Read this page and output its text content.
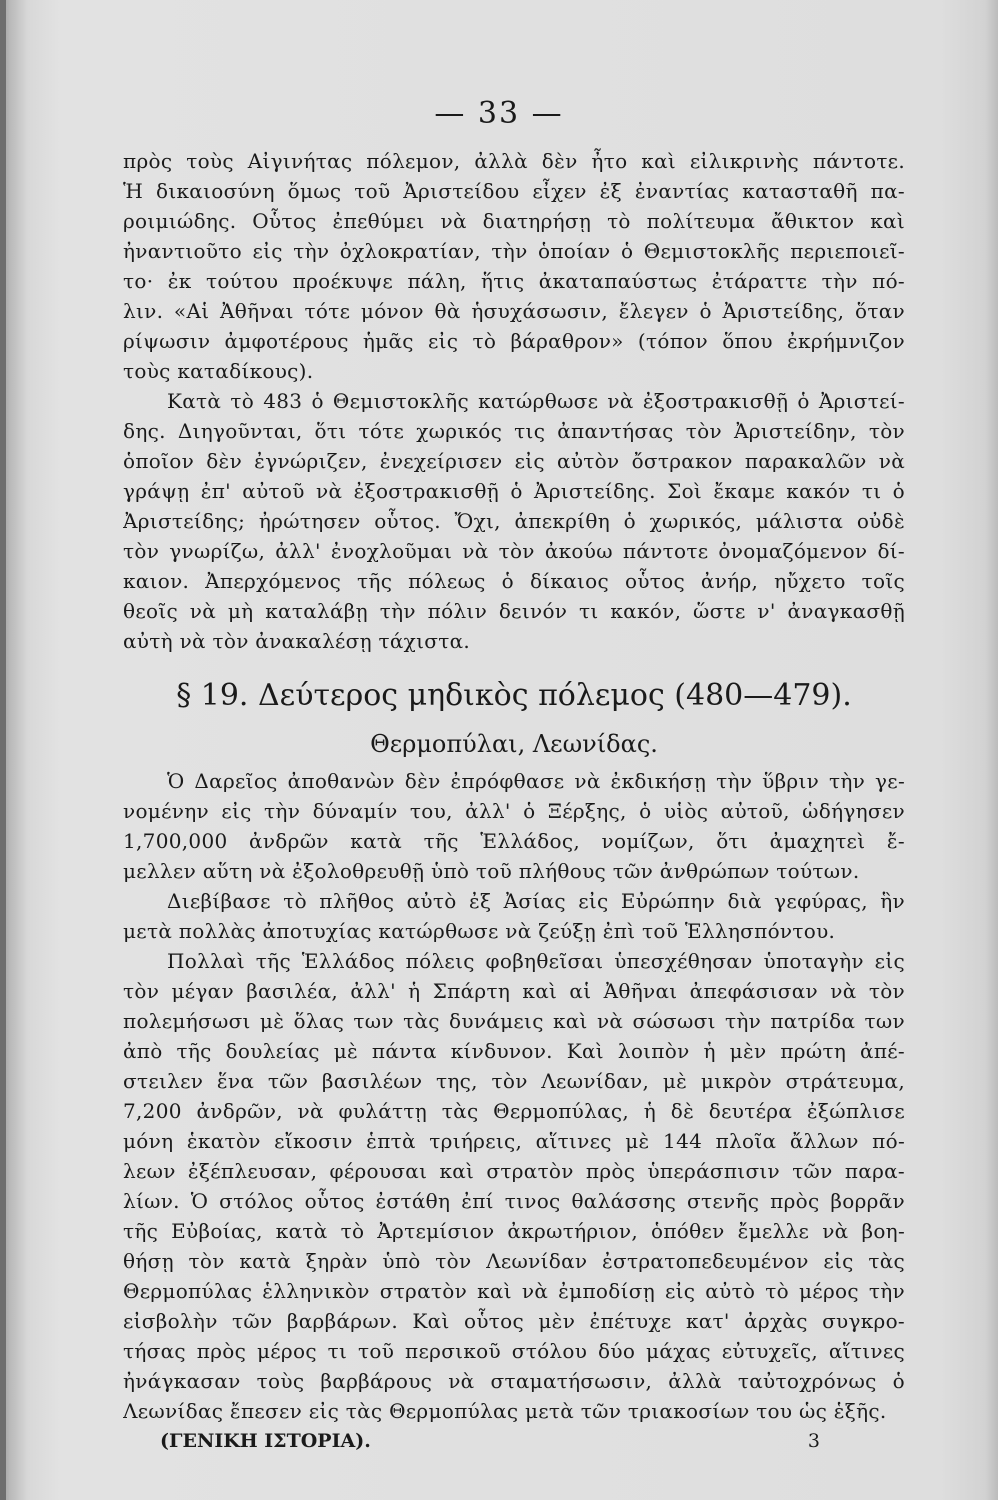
— 33 —
πρὸς τοὺς Αἰγινήτας πόλεμον, ἀλλὰ δὲν ἦτο καὶ εἰλικρινὴς πάντοτε.
Ἡ δικαιοσύνη ὅμως τοῦ Ἀριστείδου εἶχεν ἐξ ἐναντίας κατασταθῆ πα-
ροιμιώδης. Οὗτος ἐπεθύμει νὰ διατηρήσῃ τὸ πολίτευμα ἄθικτον καὶ
ἠναντιοῦτο εἰς τὴν ὀχλοκρατίαν, τὴν ὁποίαν ὁ Θεμιστοκλῆς περιεποιεῖ-
το· ἐκ τούτου προέκυψε πάλη, ἥτις ἀκαταπαύστως ἐτάραττε τὴν πό-
λιν. «Αἱ Ἀθῆναι τότε μόνον θὰ ἡσυχάσωσιν, ἔλεγεν ὁ Ἀριστείδης, ὅταν
ρίψωσιν ἀμφοτέρους ἡμᾶς εἰς τὸ βάραθρον» (τόπον ὅπου ἐκρήμνιζον
τοὺς καταδίκους).
Κατὰ τὸ 483 ὁ Θεμιστοκλῆς κατώρθωσε νὰ ἐξοστρακισθῇ ὁ Ἀριστεί-
δης. Διηγοῦνται, ὅτι τότε χωρικός τις ἀπαντήσας τὸν Ἀριστείδην, τὸν
ὁποῖον δὲν ἐγνώριζεν, ἐνεχείρισεν εἰς αὐτὸν ὄστρακον παρακαλῶν νὰ
γράψῃ ἐπ' αὐτοῦ νὰ ἐξοστρακισθῇ ὁ Ἀριστείδης. Σοὶ ἔκαμε κακόν τι ὁ
Ἀριστείδης; ἠρώτησεν οὗτος. Ὄχι, ἀπεκρίθη ὁ χωρικός, μάλιστα οὐδὲ
τὸν γνωρίζω, ἀλλ' ἐνοχλοῦμαι νὰ τὸν ἀκούω πάντοτε ὀνομαζόμενον δί-
καιον. Ἀπερχόμενος τῆς πόλεως ὁ δίκαιος οὗτος ἀνήρ, ηὔχετο τοῖς
θεοῖς νὰ μὴ καταλάβῃ τὴν πόλιν δεινόν τι κακόν, ὥστε ν' ἀναγκασθῇ
αὐτὴ νὰ τὸν ἀνακαλέσῃ τάχιστα.
§ 19. Δεύτερος μηδικὸς πόλεμος (480—479).
Θερμοπύλαι, Λεωνίδας.
Ὁ Δαρεῖος ἀποθανὼν δὲν ἐπρόφθασε νὰ ἐκδικήσῃ τὴν ὕβριν τὴν γε-
νομένην εἰς τὴν δύναμίν του, ἀλλ' ὁ Ξέρξης, ὁ υἱὸς αὐτοῦ, ὡδήγησεν
1,700,000 ἀνδρῶν κατὰ τῆς Ἑλλάδος, νομίζων, ὅτι ἀμαχητεὶ ἔ-
μελλεν αὕτη νὰ ἐξολοθρευθῇ ὑπὸ τοῦ πλήθους τῶν ἀνθρώπων τούτων.
Διεβίβασε τὸ πλῆθος αὐτὸ ἐξ Ἀσίας εἰς Εὐρώπην διὰ γεφύρας, ἣν
μετὰ πολλὰς ἀποτυχίας κατώρθωσε νὰ ζεύξῃ ἐπὶ τοῦ Ἑλλησπόντου.
Πολλαὶ τῆς Ἑλλάδος πόλεις φοβηθεῖσαι ὑπεσχέθησαν ὑποταγὴν εἰς
τὸν μέγαν βασιλέα, ἀλλ' ἡ Σπάρτη καὶ αἱ Ἀθῆναι ἀπεφάσισαν νὰ τὸν
πολεμήσωσι μὲ ὅλας των τὰς δυνάμεις καὶ νὰ σώσωσι τὴν πατρίδα των
ἀπὸ τῆς δουλείας μὲ πάντα κίνδυνον. Καὶ λοιπὸν ἡ μὲν πρώτη ἀπέ-
στειλεν ἕνα τῶν βασιλέων της, τὸν Λεωνίδαν, μὲ μικρὸν στράτευμα,
7,200 ἀνδρῶν, νὰ φυλάττῃ τὰς Θερμοπύλας, ἡ δὲ δευτέρα ἐξώπλισε
μόνη ἑκατὸν εἴκοσιν ἑπτὰ τριήρεις, αἵτινες μὲ 144 πλοῖα ἄλλων πό-
λεων ἐξέπλευσαν, φέρουσαι καὶ στρατὸν πρὸς ὑπεράσπισιν τῶν παρα-
λίων. Ὁ στόλος οὗτος ἐστάθη ἐπί τινος θαλάσσης στενῆς πρὸς βορρᾶν
τῆς Εὐβοίας, κατὰ τὸ Ἀρτεμίσιον ἀκρωτήριον, ὁπόθεν ἔμελλε νὰ βοη-
θήσῃ τὸν κατὰ ξηρὰν ὑπὸ τὸν Λεωνίδαν ἐστρατοπεδευμένον εἰς τὰς
Θερμοπύλας ἑλληνικὸν στρατὸν καὶ νὰ ἐμποδίσῃ εἰς αὐτὸ τὸ μέρος τὴν
εἰσβολὴν τῶν βαρβάρων. Καὶ οὗτος μὲν ἐπέτυχε κατ' ἀρχὰς συγκρο-
τήσας πρὸς μέρος τι τοῦ περσικοῦ στόλου δύο μάχας εὐτυχεῖς, αἵτινες
ἠνάγκασαν τοὺς βαρβάρους νὰ σταματήσωσιν, ἀλλὰ ταὐτοχρόνως ὁ
Λεωνίδας ἔπεσεν εἰς τὰς Θερμοπύλας μετὰ τῶν τριακοσίων του ὡς ἑξῆς.
(ΓΕΝΙΚΗ ΙΣΤΟΡΙΑ).	3
